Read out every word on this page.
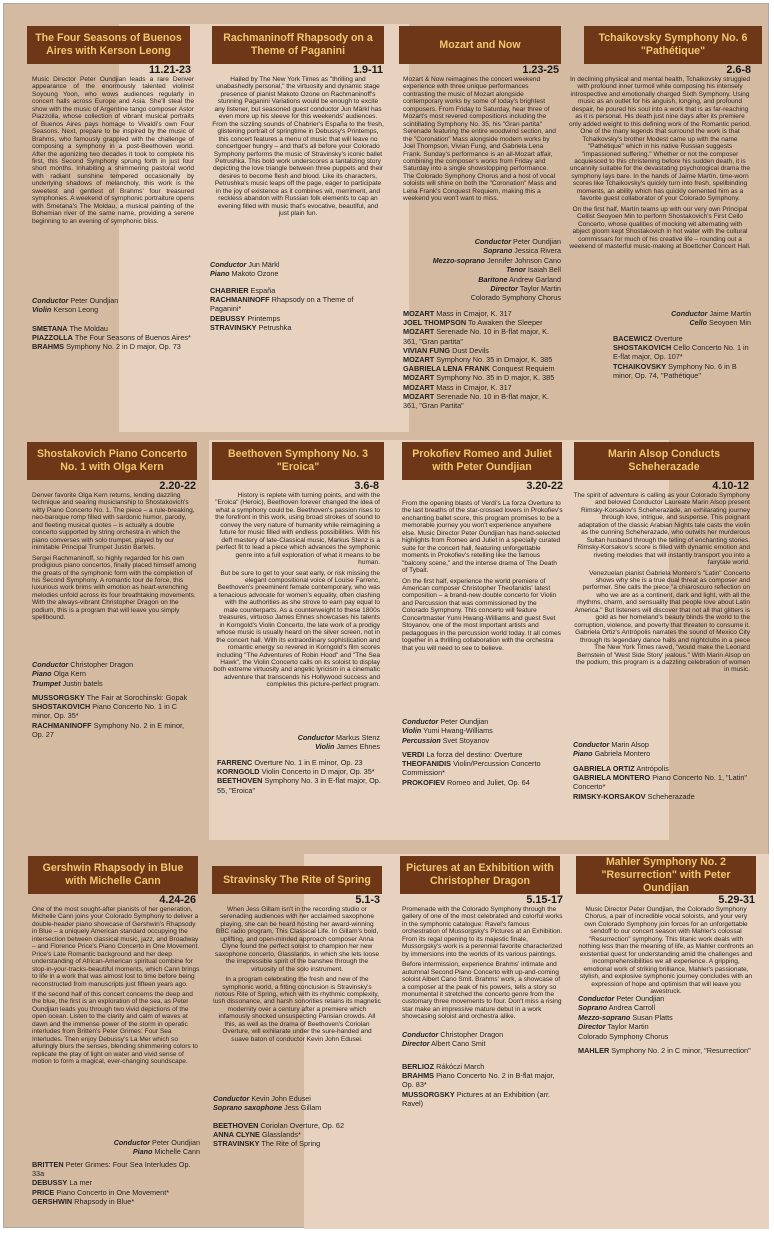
The Four Seasons of Buenos Aires with Kerson Leong
11.21-23

Music Director Peter Oundjian leads a rare Denver appearance of the enormously talented violinist Soyoung Yoon, who wows audiences regularly in concert halls across Europe and Asia. She'll steal the show with the music of Argentine tango composer Astor Piazzolla, whose collection of vibrant musical portraits of Buenos Aires pays homage to Vivaldi's own Four Seasons. Next, prepare to be inspired by the music of Brahms, who famously grappled with the challenge of composing a symphony in a post-Beethoven world. After the agonizing two decades it took to complete his first, this Second Symphony sprung forth in just four short months. Inhabiting a shimmering pastoral world with radiant sunshine tempered occasionally by underlying shadows of melancholy, this work is the sweetest and gentlest of Brahms' four treasured symphonies. A weekend of symphonic portraiture opens with Smetana's The Moldau, a musical painting of the Bohemian river of the same name, providing a serene beginning to an evening of symphonic bliss.

Conductor Peter Oundjian
Violin Kerson Leong
SMETANA The Moldau
PIAZZOLLA The Four Seasons of Buenos Aires*
BRAHMS Symphony No. 2 in D major, Op. 73
Rachmaninoff Rhapsody on a Theme of Paganini
1.9-11

Hailed by The New York Times as "thrilling and unabashedly personal," the virtuosity and dynamic stage presence of pianist Makoto Ozone on Rachmaninoff's stunning Paganini Variations would be enough to excite any listener, but seasoned guest conductor Jun Märkl has even more up his sleeve for this weekends' audiences. From the sizzling sounds of Chabrier's España to the fresh, glistening portrait of springtime in Debussy's Printemps, this concert features a menu of music that will leave no concertgoer hungry – and that's all before your Colorado Symphony performs the music of Stravinsky's iconic ballet Petrushka. This bold work underscores a tantalizing story depicting the love triangle between three puppets and their desires to become flesh and blood. Like its characters, Petrushka's music leaps off the page, eager to participate in the joy of existence as it combines wit, merriment, and reckless abandon with Russian folk elements to cap an evening filled with music that's evocative, beautiful, and just plain fun.

Conductor Jun Märkl
Piano Makoto Ozone
CHABRIER España
RACHMANINOFF Rhapsody on a Theme of Paganini*
DEBUSSY Printemps
STRAVINSKY Petrushka
Mozart and Now
1.23-25

Mozart & Now reimagines the concert weekend experience with three unique performances contrasting the music of Mozart alongside contemporary works by some of today's brightest composers. From Friday to Saturday, hear three of Mozart's most revered compositions including the scintillating Symphony No. 35, his "Gran partita" Serenade featuring the entire woodwind section, and the "Coronation" Mass alongside modern works by Joel Thompson, Vivian Fung, and Gabriela Lena Frank. Sunday's performance is an all-Mozart affair, combining the composer's works from Friday and Saturday into a single showstopping performance. The Colorado Symphony Chorus and a host of vocal soloists will shine on both the "Coronation" Mass and Lena Frank's Conquest Requiem, making this a weekend you won't want to miss.

Conductor Peter Oundjian
Soprano Jessica Rivera
Mezzo-soprano Jennifer Johnson Cano
Tenor Isaiah Bell
Baritone Andrew Garland
Director Taylor Martin
Colorado Symphony Chorus
MOZART Mass in Cmajor, K. 317
JOEL THOMPSON To Awaken the Sleeper
MOZART Serenade No. 10 in B-flat major, K. 361, "Gran partita"
VIVIAN FUNG Dust Devils
MOZART Symphony No. 35 in Dmajor, K. 385
GABRIELA LENA FRANK Conquest Requiem
MOZART Symphony No. 35 in D major, K. 385
MOZART Mass in Cmajor, K. 317
MOZART Serenade No. 10 in B-flat major, K. 361, "Gran Partita"
Tchaikovsky Symphony No. 6 "Pathétique"
2.6-8

In declining physical and mental health, Tchaikovsky struggled with profound inner turmoil while composing his intensely introspective and emotionally charged Sixth Symphony. Using music as an outlet for his anguish, longing, and profound despair, he poured his soul into a work that is as far-reaching as it is personal. His death just nine days after its premiere only added weight to this defining work of the Romantic period. One of the many legends that surround the work is that Tchaikovsky's brother Modest came up with the name "Pathétique" which in his native Russian suggests "impassioned suffering." Whether or not the composer acquiesced to this christening before his sudden death, it is uncannily suitable for the devastating psychological drama the symphony lays bare. In the hands of Jaime Martín, time-worn scores like Tchaikovsky's quickly turn into fresh, spellbinding moments, an ability which has quickly cemented him as a favorite guest collaborator of your Colorado Symphony.

On the first half, Martín teams up with our very own Principal Cellist Seoyoen Min to perform Shostakovich's First Cello Concerto, whose qualities of mocking wit alternating with abject gloom kept Shostakovich in hot water with the cultural commissars for much of his creative life – rounding out a weekend of masterful music-making at Boettcher Concert Hall.

Conductor Jaime Martín
Cello Seoyoen Min
BACEWICZ Overture
SHOSTAKOVICH Cello Concerto No. 1 in E-flat major, Op. 107*
TCHAIKOVSKY Symphony No. 6 in B minor, Op. 74, "Pathétique"
Shostakovich Piano Concerto No. 1 with Olga Kern
2.20-22

Denver favorite Olga Kern returns, lending dazzling technique and searing musicianship to Shostakovich's witty Piano Concerto No. 1. The piece – a rule-breaking, neo-baroque romp filled with sardonic humor, parody, and fleeting musical quotes – is actually a double concerto supported by string orchestra in which the piano converses with solo trumpet, played by our inimitable Principal Trumpet Justin Bartels.

Sergei Rachmaninoff, so highly regarded for his own prodigious piano concertos, finally placed himself among the greats of the symphonic form with the completion of his Second Symphony. A romantic tour de force, this luxurious work brims with emotion as heart-wrenching melodies unfold across its four breathtaking movements. With the always-vibrant Christopher Dragon on the podium, this is a program that will leave you simply spellbound.

Conductor Christopher Dragon
Piano Olga Kern
Trumpet Justin batels
MUSSORGSKY The Fair at Sorochinski: Gopak
SHOSTAKOVICH Piano Concerto No. 1 in C minor, Op. 35*
RACHMANINOFF Symphony No. 2 in E minor, Op. 27
Beethoven Symphony No. 3 "Eroica"
3.6-8

History is replete with turning points, and with the "Eroica" (Heroic), Beethoven forever changed the idea of what a symphony could be. Beethoven's passion rises to the forefront in this work, using broad strokes of sound to convey the very nature of humanity while reimagining a future for music filled with endless possibilities. With his deft mastery of late-Classical music, Markus Stenz is a perfect fit to lead a piece which advances the symphonic genre into a full exploration of what it means to be human.

But be sure to get to your seat early, or risk missing the elegant compositional voice of Louise Farrenc, Beethoven's preeminent female contemporary, who was a tenacious advocate for women's equality, often clashing with the authorities as she strove to earn pay equal to male counterparts. As a counterweight to these 1800s treasures, virtuoso James Ehnes showcases his talents in Korngold's Violin Concerto, the late work of a prodigy whose music is usually heard on the silver screen, not in the concert hall. With its extraordinary sophistication and romantic energy so revered in Korngold's film scores including "The Adventures of Robin Hood" and "The Sea Hawk", the Violin Concerto calls on its soloist to display both extreme virtuosity and angelic lyricism in a cinematic adventure that transcends his Hollywood success and completes this picture-perfect program.

Conductor Markus Stenz
Violin James Ehnes
FARRENC Overture No. 1 in E minor, Op. 23
KORNGOLD Violin Concerto in D major, Op. 35*
BEETHOVEN Symphony No. 3 in E-flat major, Op. 55, "Eroica"
Prokofiev Romeo and Juliet with Peter Oundjian
3.20-22

From the opening blasts of Verdi's La forza Overture to the last breaths of the star-crossed lovers in Prokofiev's enchanting ballet score, this program promises to be a memorable journey you won't experience anywhere else. Music Director Peter Oundjian has hand-selected highlights from Romeo and Juliet in a specially curated suite for the concert hall, featuring unforgettable moments in Prokofiev's retelling like the famous "balcony scene," and the intense drama of The Death of Tybalt.

On the first half, experience the world premiere of American composer Christopher Theofanidis' latest composition – a brand-new double concerto for Violin and Percussion that was commissioned by the Colorado Symphony. This concerto will feature Concertmaster Yumi Hwang-Williams and guest Svet Stoyanov, one of the most important artists and pedagogues in the percussion world today. It all comes together in a thrilling collaboration with the orchestra that you will need to see to believe.

Conductor Peter Oundjian
Violin Yumi Hwang-Williams
Percussion Svet Stoyanov
VERDI La forza del destino: Overture
THEOFANIDIS Violin/Percussion Concerto Commission*
PROKOFIEV Romeo and Juliet, Op. 64
Marin Alsop Conducts Scheherazade
4.10-12

The spirit of adventure is calling as your Colorado Symphony and beloved Conductor Laureate Marin Alsop present Rimsky-Korsakov's Scheherazade, an exhilarating journey through love, intrigue, and suspense. This poignant adaptation of the classic Arabian Nights tale casts the violin as the cunning Scheherazade, who outwits her murderous Sultan husband through the telling of enchanting stories. Rimsky-Korsakov's score is filled with dynamic emotion and riveting melodies that will instantly transport you into a fairytale world.

Venezuelan pianist Gabriela Montero's "Latin" Concerto shows why she is a true dual threat as composer and performer. She calls the piece "a chiaroscuro reflection on who we are as a continent, dark and light, with all the rhythms, charm, and sensuality that people love about Latin America." But listeners will discover that not all that glitters is gold as her homeland's beauty blinds the world to the corruption, violence, and poverty that threaten to consume it. Gabriela Ortiz's Antrópolis narrates the sound of Mexico City through its legendary dance halls and nightclubs in a piece The New York Times raved, "would make the Leonard Bernstein of 'West Side Story' jealous." With Marin Alsop on the podium, this program is a dazzling celebration of women in music.

Conductor Marin Alsop
Piano Gabriela Montero
GABRIELA ORTIZ Antrópolis
GABRIELA MONTERO Piano Concerto No. 1, "Latin" Concerto*
RIMSKY-KORSAKOV Scheherazade
Gershwin Rhapsody in Blue with Michelle Cann
4.24-26

One of the most sought-after pianists of her generation, Michelle Cann joins your Colorado Symphony to deliver a double-header piano showcase of Gershwin's Rhapsody in Blue – a uniquely American standard occupying the intersection between classical music, jazz, and Broadway – and Florence Price's Piano Concerto in One Movement. Price's Late Romantic background and her deep understanding of African-American spiritual combine for stop-in-your-tracks-beautiful moments, which Cann brings to life in a work that was almost lost to time before being reconstructed from manuscripts just fifteen years ago.

If the second half of this concert concerns the deep and the blue, the first is an exploration of the sea, as Peter Oundjian leads you through two vivid depictions of the open ocean. Listen to the clarity and calm of waves at dawn and the immense power of the storm in operatic interludes from Britten's Peter Grimes: Four Sea Interludes. Then enjoy Debussy's La Mer which so alluringly blurs the senses, blending shimmering colors to replicate the play of light on water and vivid sense of motion to form a magical, ever-changing soundscape.

Conductor Peter Oundjian
Piano Michelle Cann
BRITTEN Peter Grimes: Four Sea Interludes Op. 33a
DEBUSSY La mer
PRICE Piano Concerto in One Movement*
GERSHWIN Rhapsody in Blue*
Stravinsky The Rite of Spring
5.1-3

When Jess Gillam isn't in the recording studio or serenading audiences with her acclaimed saxophone playing, she can be heard hosting her award-winning BBC radio program, This Classical Life. In Gillam's bold, uplifting, and open-minded approach composer Anna Clyne found the perfect soloist to champion her new saxophone concerto, Glasslands, in which she lets loose the irrepressible spirit of the banshee through the virtuosity of the solo instrument.

In a program celebrating the fresh and new of the symphonic world, a fitting conclusion is Stravinsky's riotous Rite of Spring, which with its rhythmic complexity, lush dissonance, and harsh sonorities retains its magnetic modernity over a century after a premiere which infamously shocked unsuspecting Parisian crowds. All this, as well as the drama of Beethoven's Coriolan Overture, will exhilarate under the sure-handed and suave baton of conductor Kevin John Edusei.

Conductor Kevin John Edusei
Soprano saxophone Jess Gillam
BEETHOVEN Coriolan Overture, Op. 62
ANNA CLYNE Glasslands*
STRAVINSKY The Rite of Spring
Pictures at an Exhibition with Christopher Dragon
5.15-17

Promenade with the Colorado Symphony through the gallery of one of the most celebrated and colorful works in the symphonic catalogue: Ravel's famous orchestration of Mussorgsky's Pictures at an Exhibition. From its regal opening to its majestic finale, Mussorgsky's work is a perennial favorite characterized by immersions into the worlds of its various paintings.

Before intermission, experience Brahms' intimate and autumnal Second Piano Concerto with up-and-coming soloist Albert Cano Smit. Brahms' work, a showcase of a composer at the peak of his powers, tells a story so monumental it stretched the concerto genre from the customary three movements to four. Don't miss a rising star make an impressive mature debut in a work showcasing soloist and orchestra alike.

Conductor Christopher Dragon
Director Albert Cano Smit
BERLIOZ Rákóczi March
BRAHMS Piano Concerto No. 2 in B-flat major, Op. 83*
MUSSORGSKY Pictures at an Exhibition (arr. Ravel)
Mahler Symphony No. 2 "Resurrection" with Peter Oundjian
5.29-31

Music Director Peter Oundjian, the Colorado Symphony Chorus, a pair of incredible vocal soloists, and your very own Colorado Symphony join forces for an unforgettable sendoff to our concert season with Mahler's colossal "Resurrection" symphony. This titanic work deals with nothing less than the meaning of life, as Mahler confronts an existential quest for understanding amid the challenges and incomprehensibilities we all experience. A gripping, emotional work of striking brilliance, Mahler's passionate, stylish, and explosive symphonic journey concludes with an expression of hope and optimism that will leave you awestruck.

Conductor Peter Oundjian
Soprano Andrea Carroll
Mezzo-soprano Susan Platts
Director Taylor Martin
Colorado Symphony Chorus
MAHLER Symphony No. 2 in C minor, "Resurrection"
